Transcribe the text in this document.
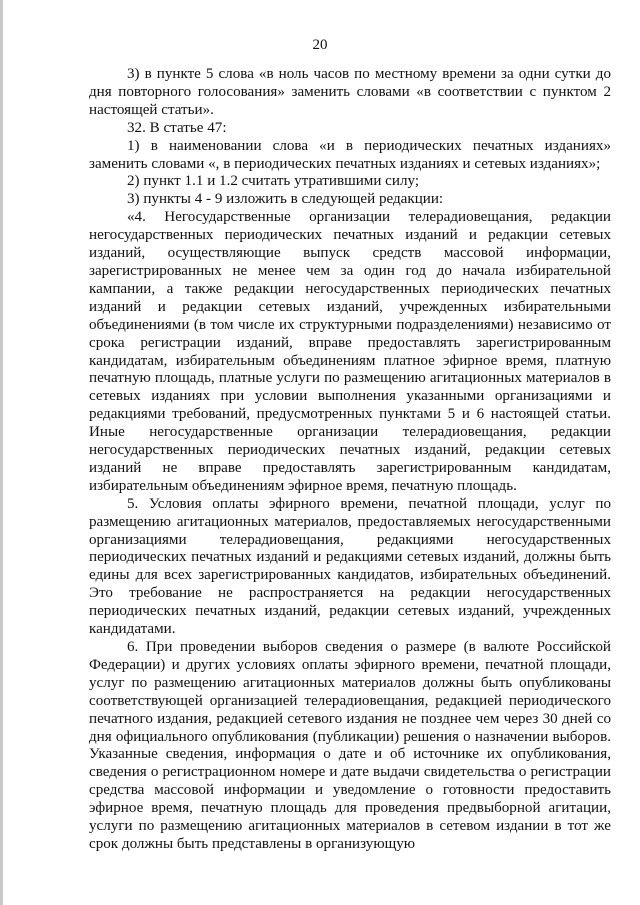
20

3) в пункте 5 слова «в ноль часов по местному времени за одни сутки до дня повторного голосования» заменить словами «в соответствии с пунктом 2 настоящей статьи».

32. В статье 47:

1) в наименовании слова «и в периодических печатных изданиях» заменить словами «, в периодических печатных изданиях и сетевых изданиях»;

2) пункт 1.1 и 1.2 считать утратившими силу;

3) пункты 4 - 9 изложить в следующей редакции:

«4. Негосударственные организации телерадиовещания, редакции негосударственных периодических печатных изданий и редакции сетевых изданий, осуществляющие выпуск средств массовой информации, зарегистрированных не менее чем за один год до начала избирательной кампании, а также редакции негосударственных периодических печатных изданий и редакции сетевых изданий, учрежденных избирательными объединениями (в том числе их структурными подразделениями) независимо от срока регистрации изданий, вправе предоставлять зарегистрированным кандидатам, избирательным объединениям платное эфирное время, платную печатную площадь, платные услуги по размещению агитационных материалов в сетевых изданиях при условии выполнения указанными организациями и редакциями требований, предусмотренных пунктами 5 и 6 настоящей статьи. Иные негосударственные организации телерадиовещания, редакции негосударственных периодических печатных изданий, редакции сетевых изданий не вправе предоставлять зарегистрированным кандидатам, избирательным объединениям эфирное время, печатную площадь.

5. Условия оплаты эфирного времени, печатной площади, услуг по размещению агитационных материалов, предоставляемых негосударственными организациями телерадиовещания, редакциями негосударственных периодических печатных изданий и редакциями сетевых изданий, должны быть едины для всех зарегистрированных кандидатов, избирательных объединений. Это требование не распространяется на редакции негосударственных периодических печатных изданий, редакции сетевых изданий, учрежденных кандидатами.

6. При проведении выборов сведения о размере (в валюте Российской Федерации) и других условиях оплаты эфирного времени, печатной площади, услуг по размещению агитационных материалов должны быть опубликованы соответствующей организацией телерадиовещания, редакцией периодического печатного издания, редакцией сетевого издания не позднее чем через 30 дней со дня официального опубликования (публикации) решения о назначении выборов. Указанные сведения, информация о дате и об источнике их опубликования, сведения о регистрационном номере и дате выдачи свидетельства о регистрации средства массовой информации и уведомление о готовности предоставить эфирное время, печатную площадь для проведения предвыборной агитации, услуги по размещению агитационных материалов в сетевом издании в тот же срок должны быть представлены в организующую
